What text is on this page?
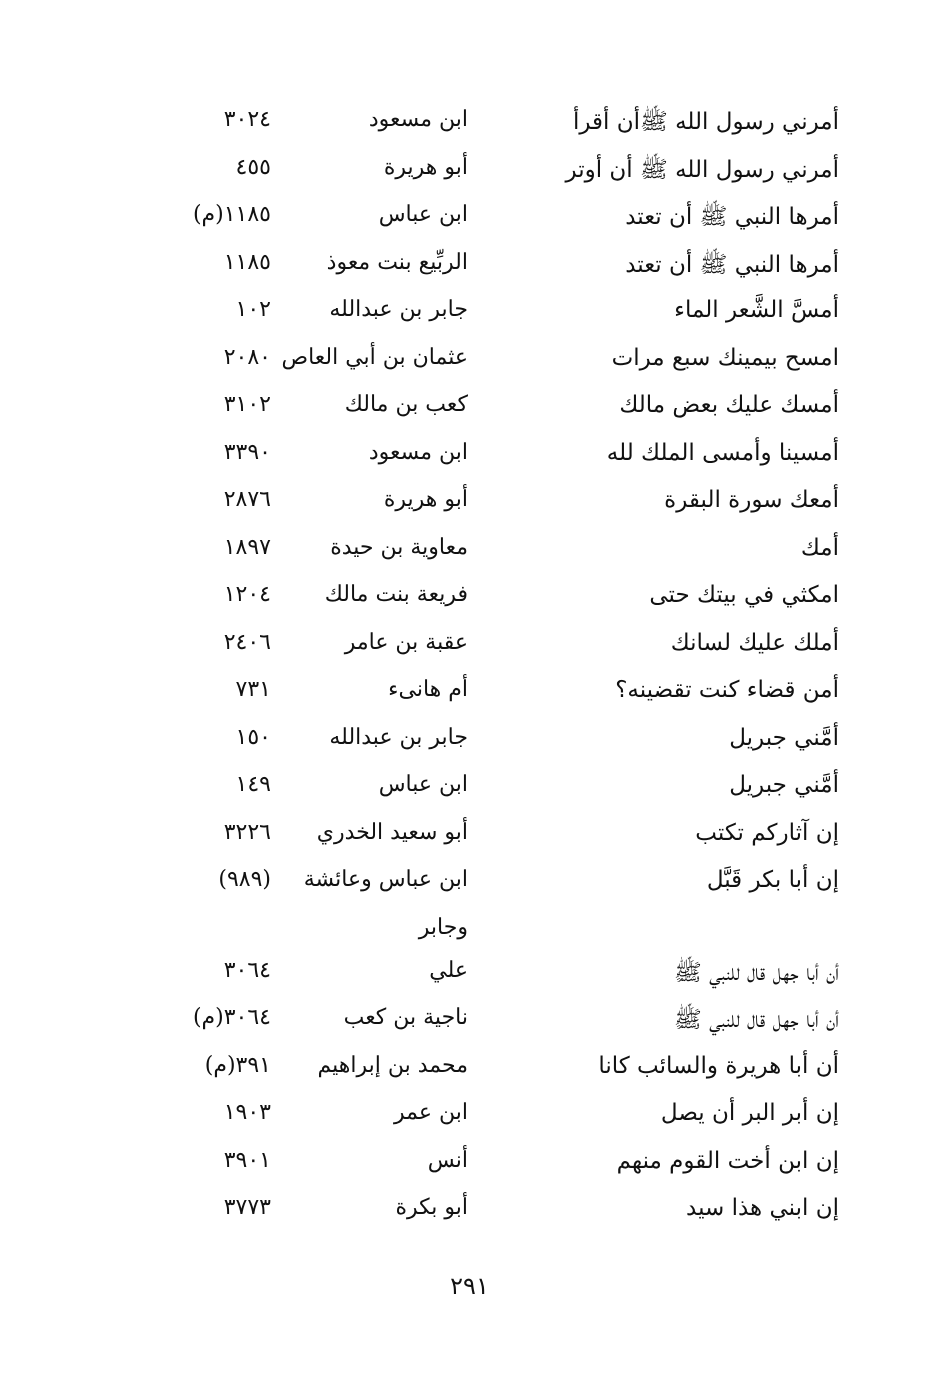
أمرني رسول الله ﷺأن أقرأ
ابن مسعود
٣٠٢٤
أمرني رسول الله ﷺ أن أوتر
أبو هريرة
٤٥٥
أمرها النبي ﷺ أن تعتد
ابن عباس
١١٨٥(م)
أمرها النبي ﷺ أن تعتد
الربِّيع بنت معوذ
١١٨٥
أمسَّ الشَّعر الماء
جابر بن عبدالله
١٠٢
امسح بيمينك سبع مرات
عثمان بن أبي العاص
٢٠٨٠
أمسك عليك بعض مالك
كعب بن مالك
٣١٠٢
أمسينا وأمسى الملك لله
ابن مسعود
٣٣٩٠
أمعك سورة البقرة
أبو هريرة
٢٨٧٦
أمك
معاوية بن حيدة
١٨٩٧
امكثي في بيتك حتى
فريعة بنت مالك
١٢٠٤
أملك عليك لسانك
عقبة بن عامر
٢٤٠٦
أمن قضاء كنت تقضينه؟
أم هانىء
٧٣١
أمَّني جبريل
جابر بن عبدالله
١٥٠
أمَّني جبريل
ابن عباس
١٤٩
إن آثاركم تكتب
أبو سعيد الخدري
٣٢٢٦
إن أبا بكر قَبَّل
ابن عباس وعائشة
(٩٨٩)
وجابر
أن أبا جهل قال للنبي ﷺ
علي
٣٠٦٤
أن أبا جهل قال للنبي ﷺ
ناجية بن كعب
٣٠٦٤(م)
أن أبا هريرة والسائب كانا
محمد بن إبراهيم
٣٩١(م)
إن أبر البر أن يصل
ابن عمر
١٩٠٣
إن ابن أخت القوم منهم
أنس
٣٩٠١
إن ابني هذا سيد
أبو بكرة
٣٧٧٣
٢٩١
